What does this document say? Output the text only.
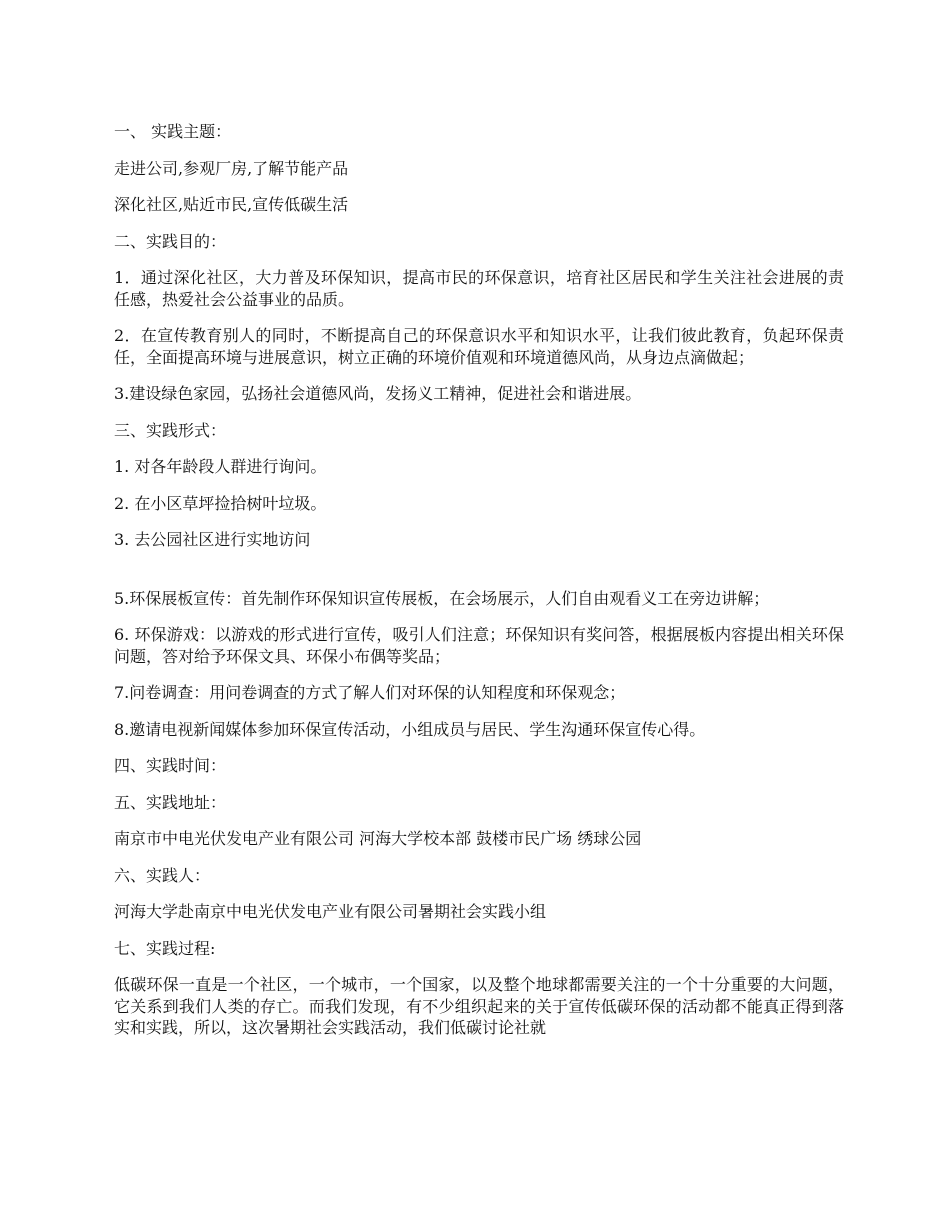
一、 实践主题：

走进公司,参观厂房,了解节能产品

深化社区,贴近市民,宣传低碳生活

二、实践目的：

1．通过深化社区，大力普及环保知识，提高市民的环保意识，培育社区居民和学生关注社会进展的责任感，热爱社会公益事业的品质。

2．在宣传教育别人的同时，不断提高自己的环保意识水平和知识水平，让我们彼此教育，负起环保责任，全面提高环境与进展意识，树立正确的环境价值观和环境道德风尚，从身边点滴做起；

3.建设绿色家园，弘扬社会道德风尚，发扬义工精神，促进社会和谐进展。

三、实践形式：

1. 对各年龄段人群进行询问。

2. 在小区草坪捡拾树叶垃圾。

3. 去公园社区进行实地访问

5.环保展板宣传：首先制作环保知识宣传展板，在会场展示，人们自由观看义工在旁边讲解；

6. 环保游戏：以游戏的形式进行宣传，吸引人们注意；环保知识有奖问答，根据展板内容提出相关环保问题，答对给予环保文具、环保小布偶等奖品；

7.问卷调查：用问卷调查的方式了解人们对环保的认知程度和环保观念；

8.邀请电视新闻媒体参加环保宣传活动，小组成员与居民、学生沟通环保宣传心得。

四、实践时间：

五、实践地址：

南京市中电光伏发电产业有限公司 河海大学校本部 鼓楼市民广场 绣球公园

六、实践人：

河海大学赴南京中电光伏发电产业有限公司暑期社会实践小组

七、实践过程:

低碳环保一直是一个社区，一个城市，一个国家，以及整个地球都需要关注的一个十分重要的大问题，它关系到我们人类的存亡。而我们发现，有不少组织起来的关于宣传低碳环保的活动都不能真正得到落实和实践，所以，这次暑期社会实践活动，我们低碳讨论社就
